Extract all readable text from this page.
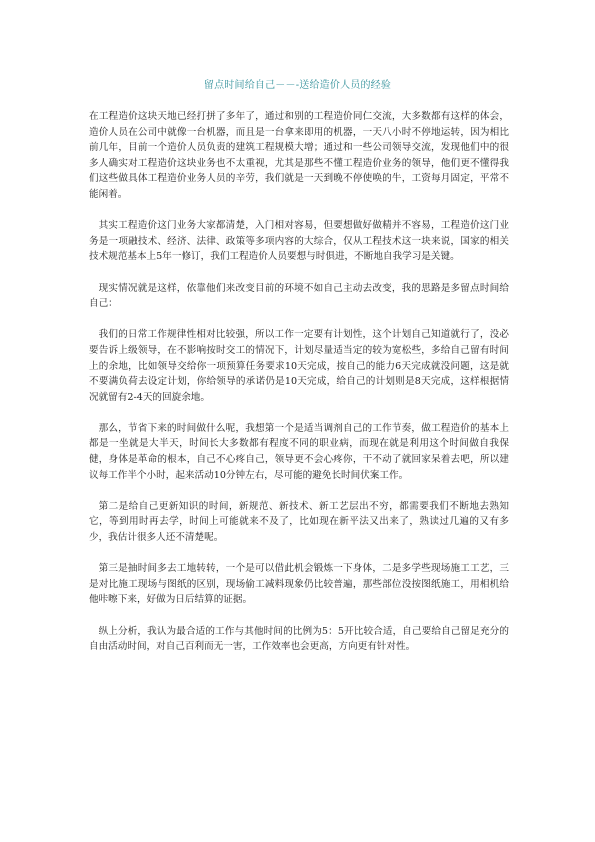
留点时间给自己－－-送给造价人员的经验

在工程造价这块天地已经打拼了多年了，通过和别的工程造价同仁交流，大多数都有这样的体会，造价人员在公司中就像一台机器，而且是一台拿来即用的机器，一天八小时不停地运转，因为相比前几年，目前一个造价人员负责的建筑工程规模大增；通过和一些公司领导交流，发现他们中的很多人确实对工程造价这块业务也不太重视，尤其是那些不懂工程造价业务的领导，他们更不懂得我们这些做具体工程造价业务人员的辛劳，我们就是一天到晚不停使唤的牛，工资每月固定，平常不能闲着。

其实工程造价这门业务大家都清楚，入门相对容易，但要想做好做精并不容易，工程造价这门业务是一项融技术、经济、法律、政策等多项内容的大综合，仅从工程技术这一块来说，国家的相关技术规范基本上5年一修订，我们工程造价人员要想与时俱进，不断地自我学习是关键。

现实情况就是这样，依靠他们来改变目前的环境不如自己主动去改变，我的思路是多留点时间给自己：

我们的日常工作规律性相对比较强，所以工作一定要有计划性，这个计划自己知道就行了，没必要告诉上级领导，在不影响按时交工的情况下，计划尽量适当定的较为宽松些，多给自己留有时间上的余地，比如领导交给你一项预算任务要求10天完成，按自己的能力6天完成就没问题，这是就不要满负荷去设定计划，你给领导的承诺仍是10天完成，给自己的计划则是8天完成，这样根据情况就留有2-4天的回旋余地。

那么，节省下来的时间做什么呢，我想第一个是适当调剂自己的工作节奏，做工程造价的基本上都是一坐就是大半天，时间长大多数都有程度不同的职业病，而现在就是利用这个时间做自我保健，身体是革命的根本，自己不心疼自己，领导更不会心疼你，干不动了就回家呆着去吧，所以建议每工作半个小时，起来活动10分钟左右，尽可能的避免长时间伏案工作。

第二是给自己更新知识的时间，新规范、新技术、新工艺层出不穷，都需要我们不断地去熟知它，等到用时再去学，时间上可能就来不及了，比如现在新平法又出来了，熟读过几遍的又有多少，我估计很多人还不清楚呢。

第三是抽时间多去工地转转，一个是可以借此机会锻炼一下身体，二是多学些现场施工工艺，三是对比施工现场与图纸的区别，现场偷工减料现象仍比较普遍，那些部位没按图纸施工，用相机给他咔嚓下来，好做为日后结算的证据。

纵上分析，我认为最合适的工作与其他时间的比例为5：5开比较合适，自己要给自己留足充分的自由活动时间，对自己百利而无一害，工作效率也会更高，方向更有针对性。
